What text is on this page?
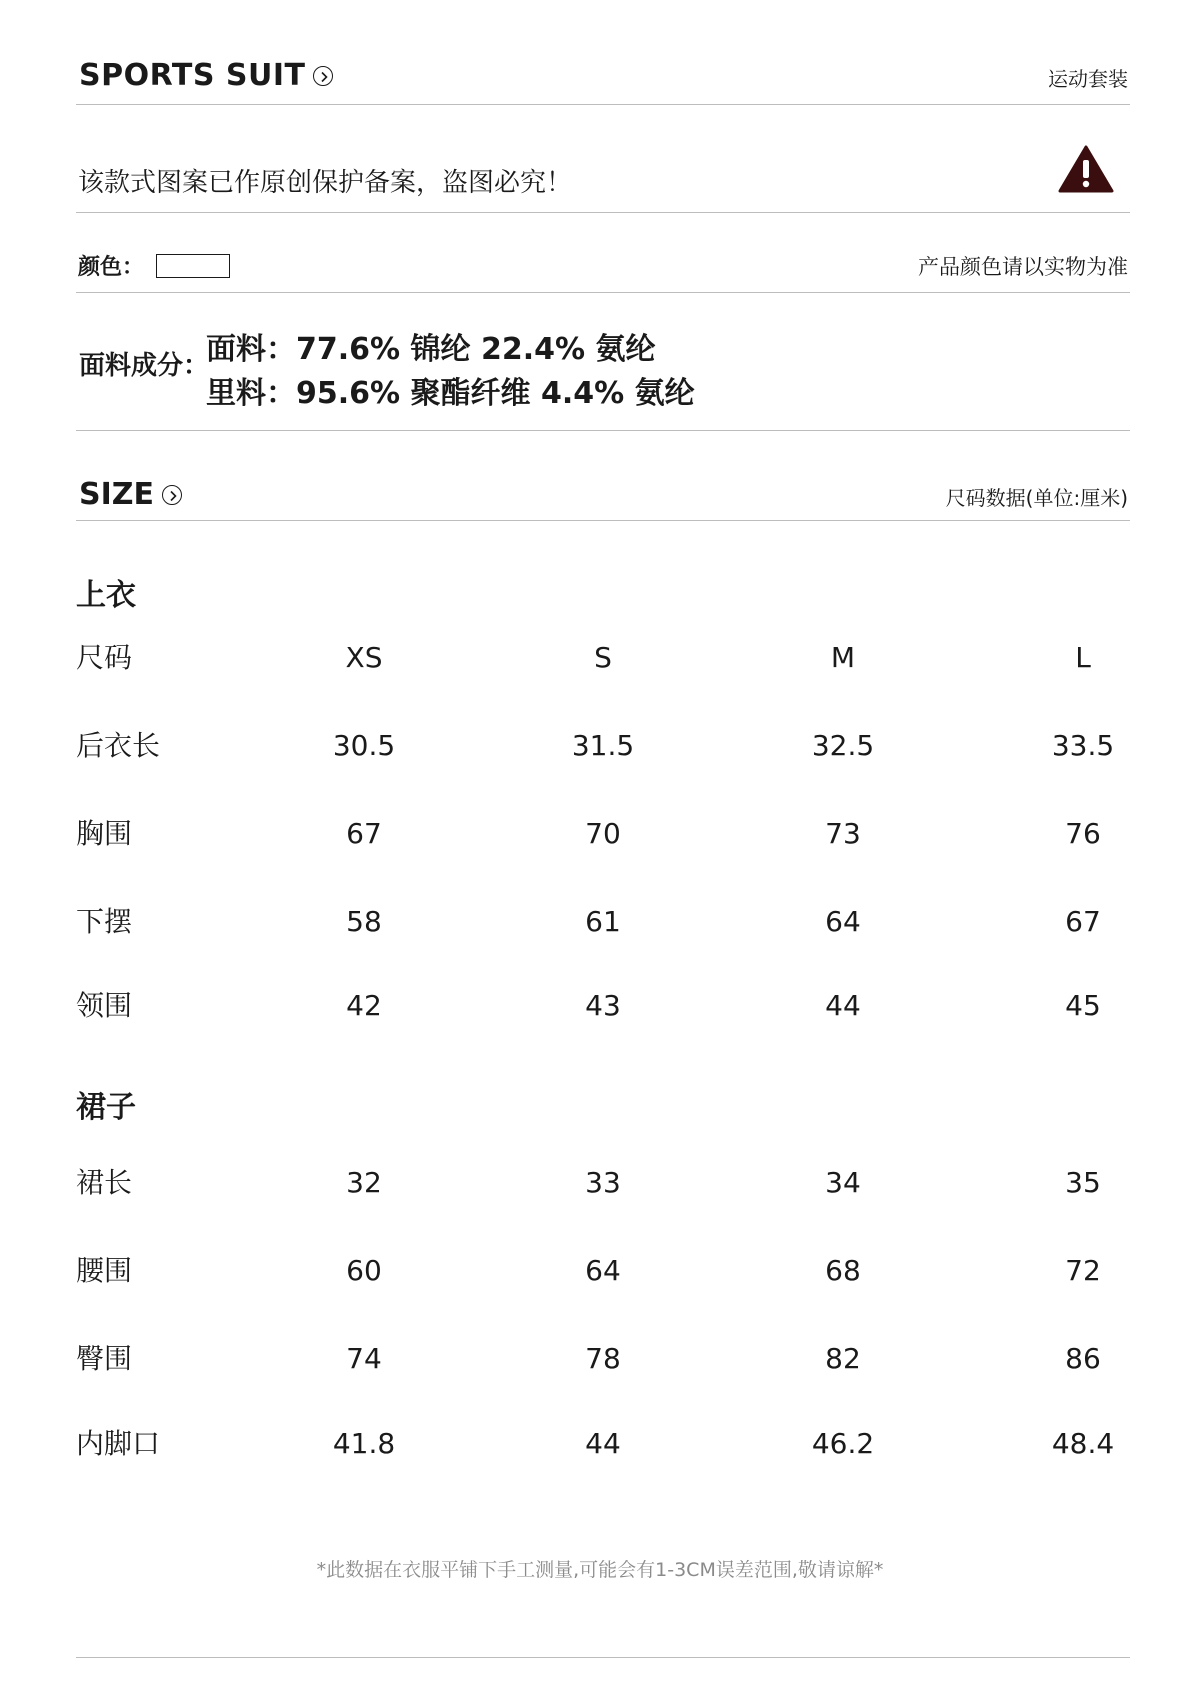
SPORTS SUIT	运动套装
该款式图案已作原创保护备案，盗图必究！
颜色：	产品颜色请以实物为准
面料成分：
面料：77.6% 锦纶 22.4% 氨纶
里料：95.6% 聚酯纤维 4.4% 氨纶
SIZE	尺码数据(单位:厘米)
上衣
尺码	XS	S	M	L
后衣长	30.5	31.5	32.5	33.5
胸围	67	70	73	76
下摆	58	61	64	67
领围	42	43	44	45
裙子
裙长	32	33	34	35
腰围	60	64	68	72
臀围	74	78	82	86
内脚口	41.8	44	46.2	48.4
*此数据在衣服平铺下手工测量,可能会有1-3CM误差范围,敬请谅解*
